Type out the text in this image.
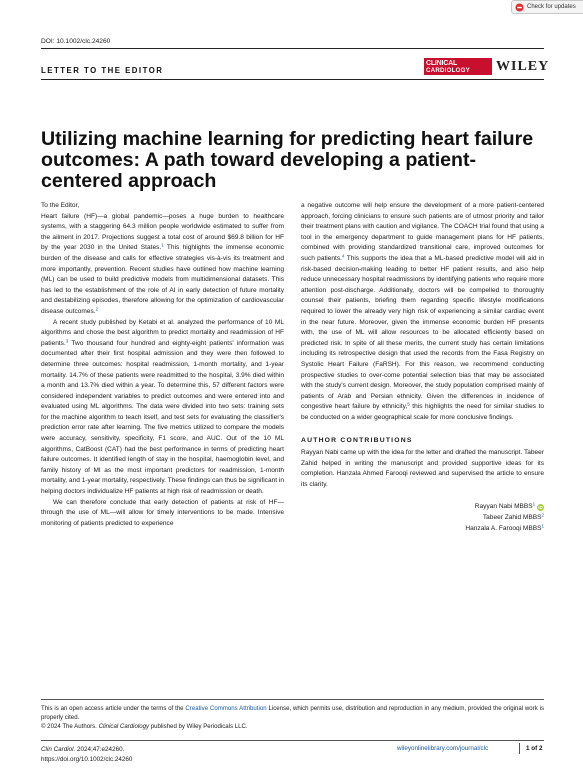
Check for updates
DOI: 10.1002/clc.24260
LETTER TO THE EDITOR
CLINICAL
CARDIOLOGY	WILEY
Utilizing machine learning for predicting heart failure outcomes: A path toward developing a patient-centered approach

To the Editor,

Heart failure (HF)—a global pandemic—poses a huge burden to healthcare systems, with a staggering 64.3 million people worldwide estimated to suffer from the ailment in 2017. Projections suggest a total cost of around $69.8 billion for HF by the year 2030 in the United States.$^1$ This highlights the immense economic burden of the disease and calls for effective strategies vis-à-vis its treatment and more importantly, prevention. Recent studies have outlined how machine learning (ML) can be used to build predictive models from multidimensional datasets. This has led to the establishment of the role of AI in early detection of future mortality and destabilizing episodes, therefore allowing for the optimization of cardiovascular disease outcomes.$^2$

A recent study published by Ketabi et al. analyzed the performance of 10 ML algorithms and chose the best algorithm to predict mortality and readmission of HF patients.$^3$ Two thousand four hundred and eighty-eight patients' information was documented after their first hospital admission and they were then followed to determine three outcomes: hospital readmission, 1-month mortality, and 1-year mortality. 14.7% of these patients were readmitted to the hospital, 3.9% died within a month and 13.7% died within a year. To determine this, 57 different factors were considered independent variables to predict outcomes and were entered into and evaluated using ML algorithms. The data were divided into two sets: training sets for the machine algorithm to teach itself, and test sets for evaluating the classifier's prediction error rate after learning. The five metrics utilized to compare the models were accuracy, sensitivity, specificity, F1 score, and AUC. Out of the 10 ML algorithms, CatBoost (CAT) had the best performance in terms of predicting heart failure outcomes. It identified length of stay in the hospital, haemoglobin level, and family history of MI as the most important predictors for readmission, 1-month mortality, and 1-year mortality, respectively. These findings can thus be significant in helping doctors individualize HF patients at high risk of readmission or death.

We can therefore conclude that early detection of patients at risk of HF—through the use of ML—will allow for timely interventions to be made. Intensive monitoring of patients predicted to experience

a negative outcome will help ensure the development of a more patient-centered approach, forcing clinicians to ensure such patients are of utmost priority and tailor their treatment plans with caution and vigilance. The COACH trial found that using a tool in the emergency department to guide management plans for HF patients, combined with providing standardized transitional care, improved outcomes for such patients.$^4$ This supports the idea that a ML-based predictive model will aid in risk-based decision-making leading to better HF patient results, and also help reduce unnecessary hospital readmissions by identifying patients who require more attention post-discharge. Additionally, doctors will be compelled to thoroughly counsel their patients, briefing them regarding specific lifestyle modifications required to lower the already very high risk of experiencing a similar cardiac event in the near future. Moreover, given the immense economic burden HF presents with, the use of ML will allow resources to be allocated efficiently based on predicted risk. In spite of all these merits, the current study has certain limitations including its retrospective design that used the records from the Fasa Registry on Systolic Heart Failure (FaRSH). For this reason, we recommend conducting prospective studies to over-come potential selection bias that may be associated with the study's current design. Moreover, the study population comprised mainly of patients of Arab and Persian ethnicity. Given the differences in incidence of congestive heart failure by ethnicity,$^5$ this highlights the need for similar studies to be conducted on a wider geographical scale for more conclusive findings.

AUTHOR CONTRIBUTIONS

Rayyan Nabi came up with the idea for the letter and drafted the manuscript. Tabeer Zahid helped in writing the manuscript and provided supportive ideas for its completion. Hanzala Ahmed Farooqi reviewed and supervised the article to ensure its clarity.

Rayyan Nabi MBBS$^1$ iD

Tabeer Zahid MBBS$^2$

Hanzala A. Farooqi MBBS$^1$

This is an open access article under the terms of the Creative Commons Attribution License, which permits use, distribution and reproduction in any medium, provided the original work is properly cited.
© 2024 The Authors. Clinical Cardiology published by Wiley Periodicals LLC.

Clin Cardiol. 2024;47:e24260.
https://doi.org/10.1002/clc.24260
wileyonlinelibrary.com/journal/clc	1 of 2
